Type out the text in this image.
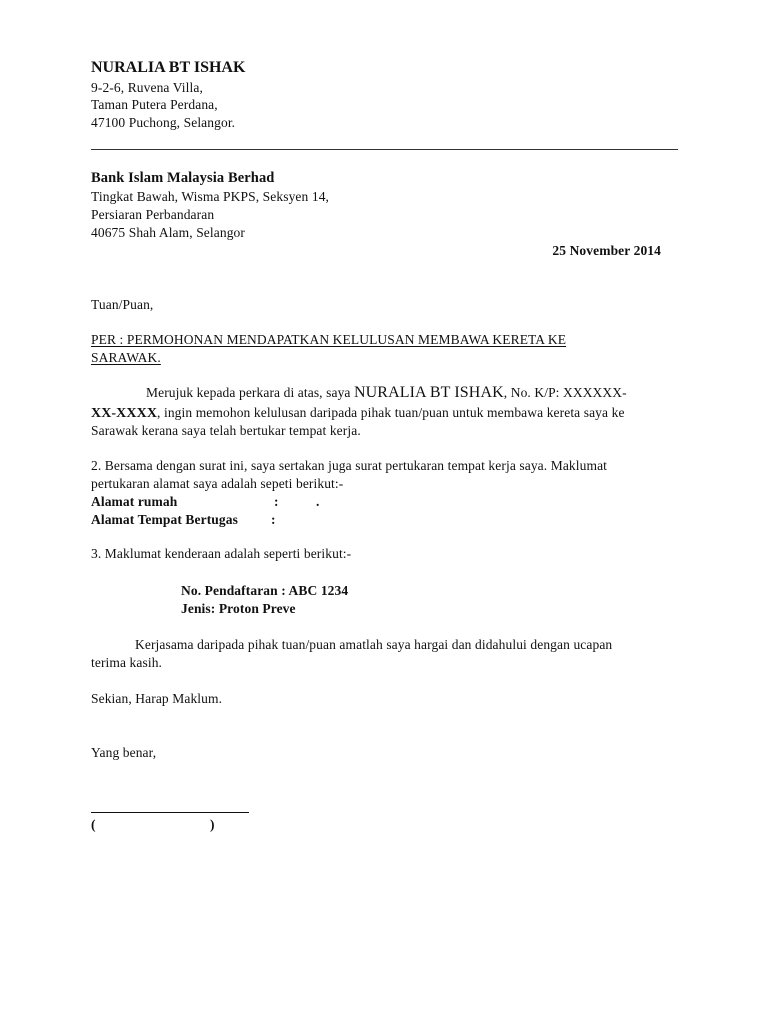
NURALIA BT ISHAK
9-2-6, Ruvena Villa,
Taman Putera Perdana,
47100 Puchong, Selangor.
Bank Islam Malaysia Berhad
Tingkat Bawah, Wisma PKPS, Seksyen 14,
Persiaran Perbandaran
40675 Shah Alam, Selangor
25 November 2014
Tuan/Puan,
PER : PERMOHONAN MENDAPATKAN KELULUSAN MEMBAWA KERETA KE
SARAWAK.
Merujuk kepada perkara di atas, saya NURALIA BT ISHAK, No. K/P: XXXXXX-
XX-XXXX, ingin memohon kelulusan daripada pihak tuan/puan untuk membawa kereta saya ke
Sarawak kerana saya telah bertukar tempat kerja.
2. Bersama dengan surat ini, saya sertakan juga surat pertukaran tempat kerja saya. Maklumat
pertukaran alamat saya adalah sepeti berikut:-
Alamat rumah	:	.
Alamat Tempat Bertugas :
3. Maklumat kenderaan adalah seperti berikut:-
No. Pendaftaran : ABC 1234
Jenis: Proton Preve
Kerjasama daripada pihak tuan/puan amatlah saya hargai dan didahului dengan ucapan
terima kasih.
Sekian, Harap Maklum.
Yang benar,
(	)
